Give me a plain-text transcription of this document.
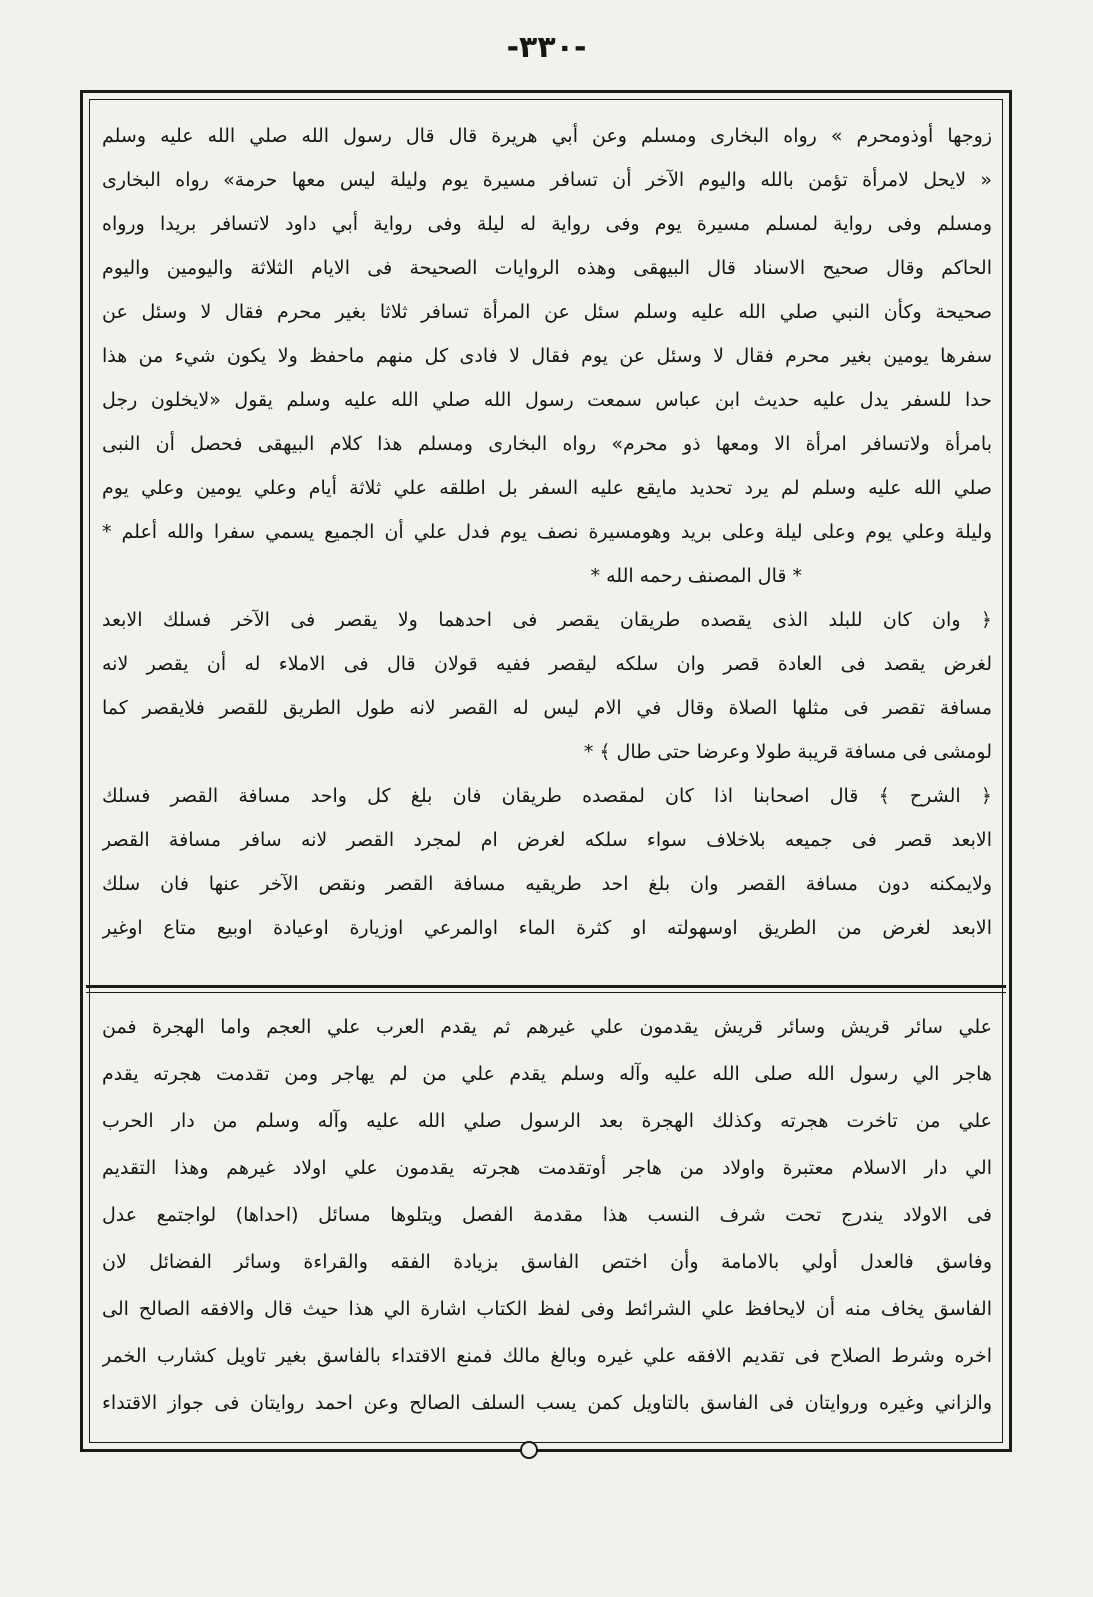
-٣٣٠-
زوجها أوذومحرم » رواه البخارى ومسلم وعن أبي هريرة قال قال رسول الله صلي الله عليه وسلم
« لايحل لامرأة تؤمن بالله واليوم الآخر أن تسافر مسيرة يوم وليلة ليس معها حرمة» رواه البخارى
ومسلم وفى رواية لمسلم مسيرة يوم وفى رواية له ليلة وفى رواية أبي داود لاتسافر بريدا ورواه
الحاكم وقال صحيح الاسناد قال البيهقى وهذه الروايات الصحيحة فى الايام الثلاثة واليومين واليوم
صحيحة وكأن النبي صلي الله عليه وسلم سئل عن المرأة تسافر ثلاثا بغير محرم فقال لا وسئل عن
سفرها يومين بغير محرم فقال لا وسئل عن يوم فقال لا فادى كل منهم ماحفظ ولا يكون شيء من هذا
حدا للسفر يدل عليه حديث ابن عباس سمعت رسول الله صلي الله عليه وسلم يقول «لايخلون رجل
بامرأة ولاتسافر امرأة الا ومعها ذو محرم» رواه البخارى ومسلم هذا كلام البيهقى فحصل أن النبى
صلي الله عليه وسلم لم يرد تحديد مايقع عليه السفر بل اطلقه علي ثلاثة أيام وعلي يومين وعلي يوم
وليلة وعلي يوم وعلى ليلة وعلى بريد وهومسيرة نصف يوم فدل علي أن الجميع يسمي سفرا والله أعلم *
* قال المصنف رحمه الله *
﴿ وان كان للبلد الذى يقصده طريقان يقصر فى احدهما ولا يقصر فى الآخر فسلك الابعد
لغرض يقصد فى العادة قصر وان سلكه ليقصر ففيه قولان قال فى الاملاء له أن يقصر لانه
مسافة تقصر فى مثلها الصلاة وقال في الام ليس له القصر لانه طول الطريق للقصر فلايقصر كما
لومشى فى مسافة قريبة طولا وعرضا حتى طال ﴾ *
﴿ الشرح ﴾ قال اصحابنا اذا كان لمقصده طريقان فان بلغ كل واحد مسافة القصر فسلك
الابعد قصر فى جميعه بلاخلاف سواء سلكه لغرض ام لمجرد القصر لانه سافر مسافة القصر
ولايمكنه دون مسافة القصر وان بلغ احد طريقيه مسافة القصر ونقص الآخر عنها فان سلك
الابعد لغرض من الطريق اوسهولته او كثرة الماء اوالمرعي اوزيارة اوعيادة اوبيع متاع اوغير
علي سائر قريش وسائر قريش يقدمون علي غيرهم ثم يقدم العرب علي العجم واما الهجرة فمن
هاجر الي رسول الله صلى الله عليه وآله وسلم يقدم علي من لم يهاجر ومن تقدمت هجرته يقدم
علي من تاخرت هجرته وكذلك الهجرة بعد الرسول صلي الله عليه وآله وسلم من دار الحرب
الي دار الاسلام معتبرة واولاد من هاجر أوتقدمت هجرته يقدمون علي اولاد غيرهم وهذا التقديم
فى الاولاد يندرج تحت شرف النسب هذا مقدمة الفصل ويتلوها مسائل (احداها) لواجتمع عدل
وفاسق فالعدل أولي بالامامة وأن اختص الفاسق بزيادة الفقه والقراءة وسائر الفضائل لان
الفاسق يخاف منه أن لايحافظ علي الشرائط وفى لفظ الكتاب اشارة الي هذا حيث قال والافقه الصالح الى
اخره وشرط الصلاح فى تقديم الافقه علي غيره وبالغ مالك فمنع الاقتداء بالفاسق بغير تاويل كشارب الخمر
والزاني وغيره وروايتان فى الفاسق بالتاويل كمن يسب السلف الصالح وعن احمد روايتان فى جواز الاقتداء
